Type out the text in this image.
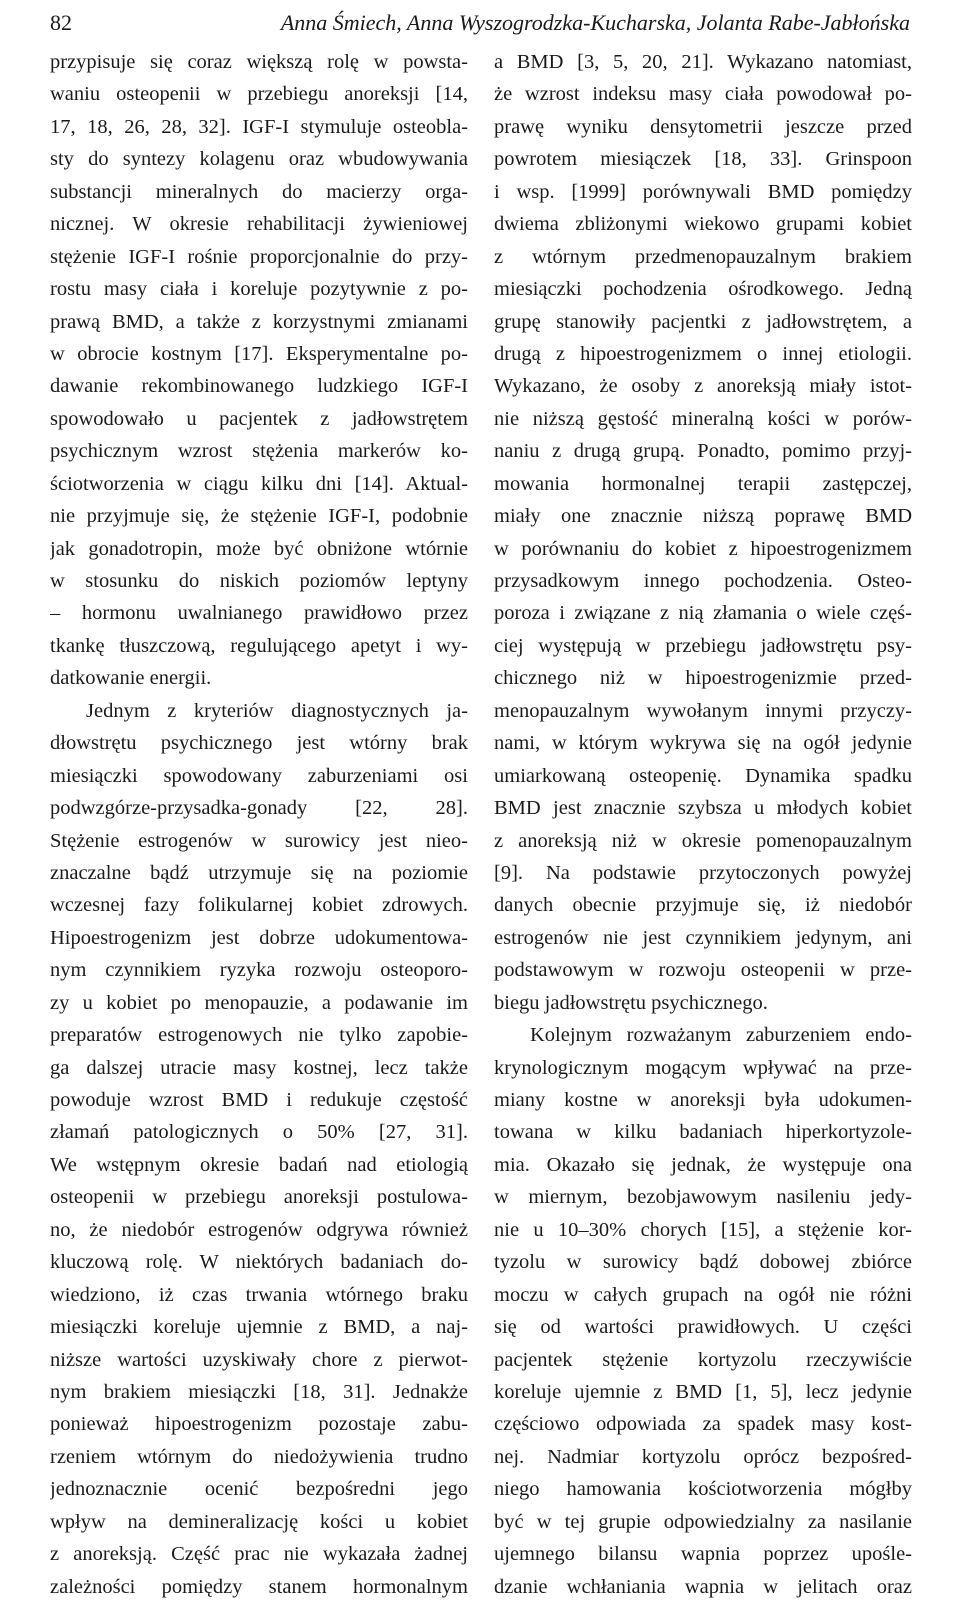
82	Anna Śmiech, Anna Wyszogrodzka-Kucharska, Jolanta Rabe-Jabłońska
przypisuje się coraz większą rolę w powsta-
waniu osteopenii w przebiegu anoreksji [14,
17, 18, 26, 28, 32]. IGF-I stymuluje osteobla-
sty do syntezy kolagenu oraz wbudowywania
substancji mineralnych do macierzy orga-
nicznej. W okresie rehabilitacji żywieniowej
stężenie IGF-I rośnie proporcjonalnie do przy-
rostu masy ciała i koreluje pozytywnie z po-
prawą BMD, a także z korzystnymi zmianami
w obrocie kostnym [17]. Eksperymentalne po-
dawanie rekombinowanego ludzkiego IGF-I
spowodowało u pacjentek z jadłowstrętem
psychicznym wzrost stężenia markerów ko-
ściotworzenia w ciągu kilku dni [14]. Aktual-
nie przyjmuje się, że stężenie IGF-I, podobnie
jak gonadotropin, może być obniżone wtórnie
w stosunku do niskich poziomów leptyny
– hormonu uwalnianego prawidłowo przez
tkankę tłuszczową, regulującego apetyt i wy-
datkowanie energii.
Jednym z kryteriów diagnostycznych ja-
dłowstrętu psychicznego jest wtórny brak
miesiączki spowodowany zaburzeniami osi
podwzgórze-przysadka-gonady [22, 28].
Stężenie estrogenów w surowicy jest nieo-
znaczalne bądź utrzymuje się na poziomie
wczesnej fazy folikularnej kobiet zdrowych.
Hipoestrogenizm jest dobrze udokumentowa-
nym czynnikiem ryzyka rozwoju osteoporo-
zy u kobiet po menopauzie, a podawanie im
preparatów estrogenowych nie tylko zapobie-
ga dalszej utracie masy kostnej, lecz także
powoduje wzrost BMD i redukuje częstość
złamań patologicznych o 50% [27, 31].
We wstępnym okresie badań nad etiologią
osteopenii w przebiegu anoreksji postulowa-
no, że niedobór estrogenów odgrywa również
kluczową rolę. W niektórych badaniach do-
wiedziono, iż czas trwania wtórnego braku
miesiączki koreluje ujemnie z BMD, a naj-
niższe wartości uzyskiwały chore z pierwot-
nym brakiem miesiączki [18, 31]. Jednakże
ponieważ hipoestrogenizm pozostaje zabu-
rzeniem wtórnym do niedożywienia trudno
jednoznacznie ocenić bezpośredni jego
wpływ na demineralizację kości u kobiet
z anoreksją. Część prac nie wykazała żadnej
zależności pomiędzy stanem hormonalnym
a BMD [3, 5, 20, 21]. Wykazano natomiast,
że wzrost indeksu masy ciała powodował po-
prawę wyniku densytometrii jeszcze przed
powrotem miesiączek [18, 33]. Grinspoon
i wsp. [1999] porównywali BMD pomiędzy
dwiema zbliżonymi wiekowo grupami kobiet
z wtórnym przedmenopauzalnym brakiem
miesiączki pochodzenia ośrodkowego. Jedną
grupę stanowiły pacjentki z jadłowstrętem, a
drugą z hipoestrogenizmem o innej etiologii.
Wykazano, że osoby z anoreksją miały istot-
nie niższą gęstość mineralną kości w porów-
naniu z drugą grupą. Ponadto, pomimo przyj-
mowania hormonalnej terapii zastępczej,
miały one znacznie niższą poprawę BMD
w porównaniu do kobiet z hipoestrogenizmem
przysadkowym innego pochodzenia. Osteo-
poroza i związane z nią złamania o wiele częś-
ciej występują w przebiegu jadłowstrętu psy-
chicznego niż w hipoestrogenizmie przed-
menopauzalnym wywołanym innymi przyczy-
nami, w którym wykrywa się na ogół jedynie
umiarkowaną osteopenię. Dynamika spadku
BMD jest znacznie szybsza u młodych kobiet
z anoreksją niż w okresie pomenopauzalnym
[9]. Na podstawie przytoczonych powyżej
danych obecnie przyjmuje się, iż niedobór
estrogenów nie jest czynnikiem jedynym, ani
podstawowym w rozwoju osteopenii w prze-
biegu jadłowstrętu psychicznego.
Kolejnym rozważanym zaburzeniem endo-
krynologicznym mogącym wpływać na prze-
miany kostne w anoreksji była udokumen-
towana w kilku badaniach hiperkortyzole-
mia. Okazało się jednak, że występuje ona
w miernym, bezobjawowym nasileniu jedy-
nie u 10–30% chorych [15], a stężenie kor-
tyzolu w surowicy bądź dobowej zbiórce
moczu w całych grupach na ogół nie różni
się od wartości prawidłowych. U części
pacjentek stężenie kortyzolu rzeczywiście
koreluje ujemnie z BMD [1, 5], lecz jedynie
częściowo odpowiada za spadek masy kost-
nej. Nadmiar kortyzolu oprócz bezpośred-
niego hamowania kościotworzenia mógłby
być w tej grupie odpowiedzialny za nasilanie
ujemnego bilansu wapnia poprzez upośle-
dzanie wchłaniania wapnia w jelitach oraz
